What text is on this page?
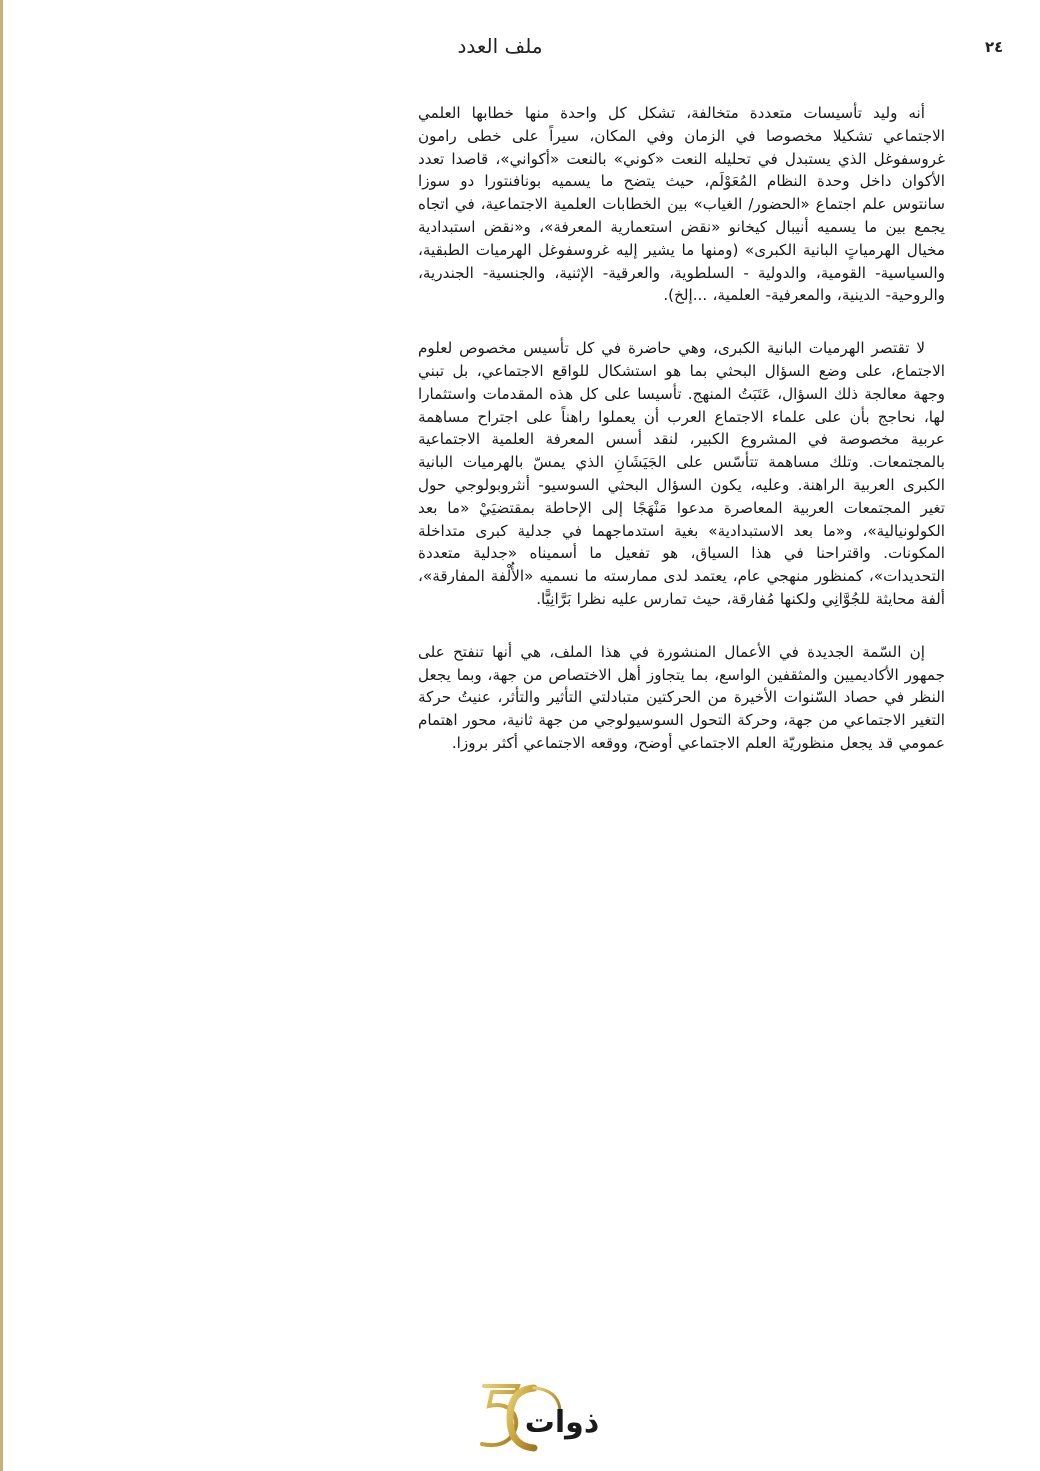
٢٤
ملف العدد

أنه وليد تأسيسات متعددة متخالفة، تشكل كل واحدة منها خطابها العلمي الاجتماعي تشكيلا مخصوصا في الزمان وفي المكان، سيراً على خطى رامون غروسفوغل الذي يستبدل في تحليله النعت «كوني» بالنعت «أكواني»، قاصدا تعدد الأكوان داخل وحدة النظام المُعَوْلَم، حيث يتضح ما يسميه بونافنتورا دو سوزا سانتوس علم اجتماع «الحضور/ الغياب» بين الخطابات العلمية الاجتماعية، في اتجاه يجمع بين ما يسميه أنيبال كيخانو «نقض استعمارية المعرفة»، و«نقض استبدادية مخيال الهرمياتٍ البانية الكبرى» (ومنها ما يشير إليه غروسفوغل الهرميات الطبقية، والسياسية- القومية، والدولية - السلطوية، والعرقية- الإثنية، والجنسية- الجندرية، والروحية- الدينية، والمعرفية- العلمية، ...إلخ).

لا تقتصر الهرميات البانية الكبرى، وهي حاضرة في كل تأسيس مخصوص لعلوم الاجتماع، على وضع السؤال البحثي بما هو استشكال للواقع الاجتماعي، بل تبني وجهة معالجة ذلك السؤال، عَتَبَتُ المنهج. تأسيسا على كل هذه المقدمات واستثمارا لها، نحاجج بأن على علماء الاجتماع العرب أن يعملوا راهناً على اجتراح مساهمة عربية مخصوصة في المشروع الكبير، لنقد أسس المعرفة العلمية الاجتماعية بالمجتمعات. وتلك مساهمة تتأسّس على الجَيَشَانِ الذي يمسّ بالهرميات البانية الكبرى العربية الراهنة. وعليه، يكون السؤال البحثي السوسيو- أنثروبولوجي حول تغير المجتمعات العربية المعاصرة مدعوا مَنْهَجًا إلى الإحاطة بمقتضيَيْ «ما بعد الكولونيالية»، و«ما بعد الاستبدادية» بغية استدماجهما في جدلية كبرى متداخلة المكونات. واقتراحنا في هذا السياق، هو تفعيل ما أسميناه «جدلية متعددة التحديدات»، كمنظور منهجي عام، يعتمد لدى ممارسته ما نسميه «الأُلْفة المفارقة»، ألفة محايثة للجُوَّانِي ولكنها مُفارقة، حيث تمارس عليه نظرا بَرَّانِيًّا.

إن السّمة الجديدة في الأعمال المنشورة في هذا الملف، هي أنها تنفتح على جمهور الأكاديميين والمثقفين الواسع، بما يتجاوز أهل الاختصاص من جهة، وبما يجعل النظر في حصاد السّنوات الأخيرة من الحركتين متبادلتي التأثير والتأثر، عنيتُ حركة التغير الاجتماعي من جهة، وحركة التحول السوسيولوجي من جهة ثانية، محور اهتمام عمومي قد يجعل منظوريّة العلم الاجتماعي أوضح، ووقعه الاجتماعي أكثر بروزا.

ذوات
